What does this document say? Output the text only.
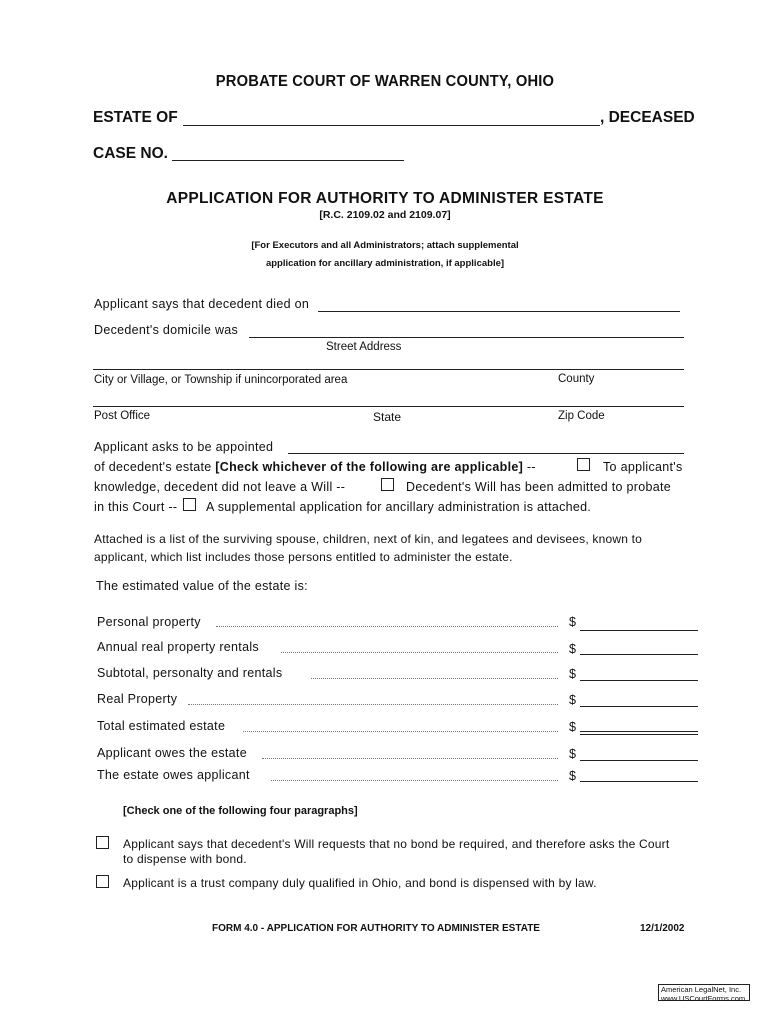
PROBATE COURT OF WARREN COUNTY, OHIO
ESTATE OF	, DECEASED
CASE NO.
APPLICATION FOR AUTHORITY TO ADMINISTER ESTATE
[R.C. 2109.02 and 2109.07]
[For Executors and all Administrators; attach supplemental
application for ancillary administration, if applicable]
Applicant says that decedent died on
Decedent's domicile was
Street Address
City or Village, or Township if unincorporated area	County
Post Office	State	Zip Code
Applicant asks to be appointed
of decedent's estate [Check whichever of the following are applicable] --	To applicant's
knowledge, decedent did not leave a Will --	Decedent's Will has been admitted to probate
in this Court -- A supplemental application for ancillary administration is attached.
Attached is a list of the surviving spouse, children, next of kin, and legatees and devisees, known to
applicant, which list includes those persons entitled to administer the estate.
The estimated value of the estate is:
Personal property	$
Annual real property rentals	$
Subtotal, personalty and rentals	$
Real Property	$
Total estimated estate	$
Applicant owes the estate	$
The estate owes applicant	$
[Check one of the following four paragraphs]
Applicant says that decedent's Will requests that no bond be required, and therefore asks the Court
to dispense with bond.
Applicant is a trust company duly qualified in Ohio, and bond is dispensed with by law.
FORM 4.0 - APPLICATION FOR AUTHORITY TO ADMINISTER ESTATE	12/1/2002
American LegalNet, Inc.
www.USCourtForms.com
